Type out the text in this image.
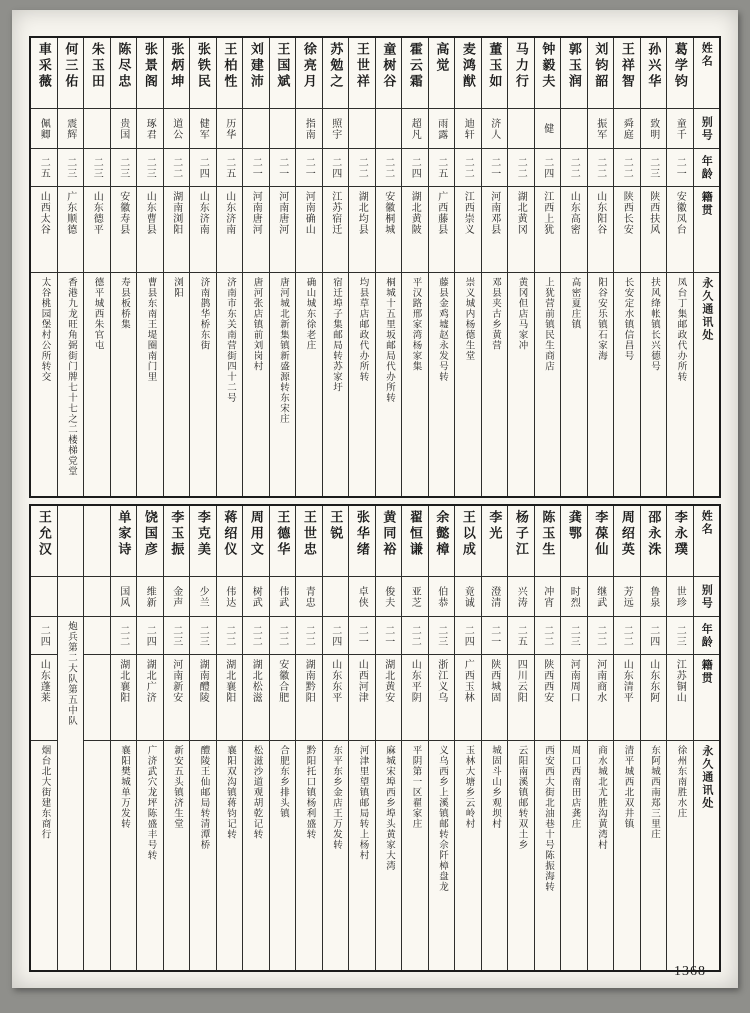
姓名
别号
年龄
籍贯
永久通讯处
葛学钧
童千
二一
安徽凤台
凤台丁集邮政代办所转
孙兴华
致明
二三
陕西扶风
扶风绛帐镇长兴德号
王祥智
舜庭
二二
陕西长安
长安定水镇信昌号
刘钧韶
振军
二二
山东阳谷
阳谷安乐镇石家海
郭玉润
二二
山东高密
高密夏庄镇
钟毅夫
健
二四
江西上犹
上犹营前镇民生商店
马力行
二二
湖北黄冈
黄冈但店马家冲
董玉如
济人
二一
河南邓县
邓县夹古乡黄营
麦鸿猷
迪轩
二二
江西崇义
崇义城内杨德生堂
高觉
雨露
二五
广西藤县
藤县金鸡墟赵永发号转
霍云霜
超凡
二四
湖北黄陂
平汉路邢家湾杨家集
童树谷
二二
安徽桐城
桐城十五里坂邮局代办所转
王世祥
二二
湖北均县
均县草店邮政代办所转
苏勉之
照宇
二四
江苏宿迁
宿迁埠子集邮局转苏家圩
徐亮月
指南
二一
河南确山
确山城东徐老庄
王国斌
二一
河南唐河
唐河城北新集镇新盛源转东宋庄
刘建沛
二一
河南唐河
唐河张店镇前刘岗村
王柏性
历华
二五
山东济南
济南市东关南营街四十二号
张铁民
健军
二四
山东济南
济南鹊华桥东街
张炳坤
道公
二二
湖南浏阳
浏阳
张景阁
琢君
二三
山东曹县
曹县东南王堤圈南门里
陈尽忠
贵国
二三
安徽寿县
寿县板桥集
朱玉田
二三
山东德平
德平城西朱官屯
何三佑
震辉
二三
广东顺德
香港九龙旺角弼街门牌七十七之二楼梯党堂
車采薇
佩卿
二五
山西太谷
太谷桃园堡村公所转交
姓名
别号
年龄
籍贯
永久通讯处
李永璞
世珍
二三
江苏铜山
徐州东南胜水庄
邵永洙
鲁泉
二四
山东东阿
东阿城西南郑三里庄
周绍英
芳远
二二
山东清平
清平城西北双井镇
李葆仙
继武
二二
河南商水
商水城北尤胜沟黄湾村
龚鄂
时烈
二三
河南周口
周口西南田店龚庄
陈玉生
冲宵
二二
陕西西安
西安西大街北油巷十号陈振海转
杨子江
兴涛
二五
四川云阳
云阳南溪镇邮转双土乡
李光
澄清
二一
陕西城固
城固斗山乡观坝村
王以成
竟诚
二四
广西玉林
玉林大塘乡云岭村
余懿樟
伯恭
二三
浙江义乌
义乌西乡上溪镇邮转佘阡樟盘龙
翟恒谦
亚芝
二二
山东平阴
平阴第一区翟家庄
黄同裕
俊夫
二一
湖北黄安
麻城宋埠西乡埠头黄家大湾
张华绪
卓侠
二一
山西河津
河津里望镇邮局转上杨村
王锐
二四
山东东平
东平东乡金店王万发转
王世忠
青忠
二二
湖南黔阳
黔阳托口镇杨利盛转
王德华
伟武
二二
安徽合肥
合肥东乡排头镇
周用文
树武
二二
湖北松滋
松滋沙道观胡乾记转
蒋绍仪
伟达
二二
湖北襄阳
襄阳双沟镇蒋钧记转
李克美
少兰
二三
湖南醴陵
醴陵王仙邮局转清潭桥
李玉振
金声
二三
河南新安
新安五头镇济生堂
饶国彦
维新
二四
湖北广济
广济武穴龙坪陈盛丰号转
单家诗
国风
二二
湖北襄阳
襄阳樊城单万发转
炮兵第二大队第五中队
王允汉
二四
山东蓬莱
烟台北大街建东商行
1368
